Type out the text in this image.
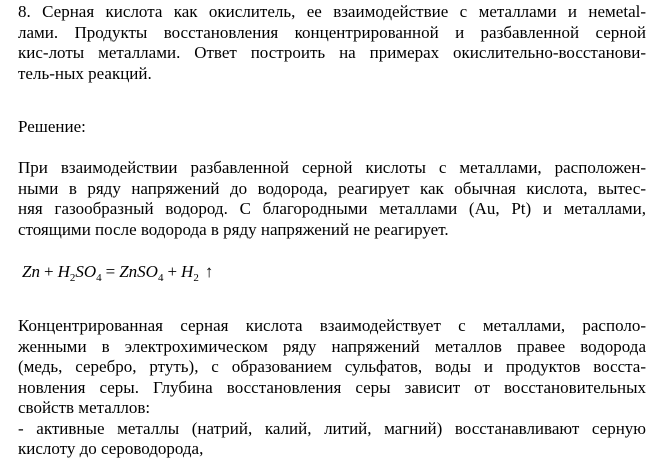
8. Серная кислота как окислитель, ее взаимодействие с металлами и немetal-
лами. Продукты восстановления концентрированной и разбавленной серной
кис-лоты металлами. Ответ построить на примерах окислительно-восстанови-
тель-ных реакций.
Решение:
При взаимодействии разбавленной серной кислоты с металлами, расположен-
ными в ряду напряжений до водорода, реагирует как обычная кислота, вытес-
няя газообразный водород. С благородными металлами (Au, Pt) и металлами,
стоящими после водорода в ряду напряжений не реагирует.
$Zn + H_2SO_4$ = ZnSO$_4$ + $H_2$ ↑
Концентрированная серная кислота взаимодействует с металлами, располо-
женными в электрохимическом ряду напряжений металлов правее водорода
(медь, серебро, ртуть), с образованием сульфатов, воды и продуктов восста-
новления серы. Глубина восстановления серы зависит от восстановительных
свойств металлов:
- активные металлы (натрий, калий, литий, магний) восстанавливают серную
кислоту до сероводорода,
